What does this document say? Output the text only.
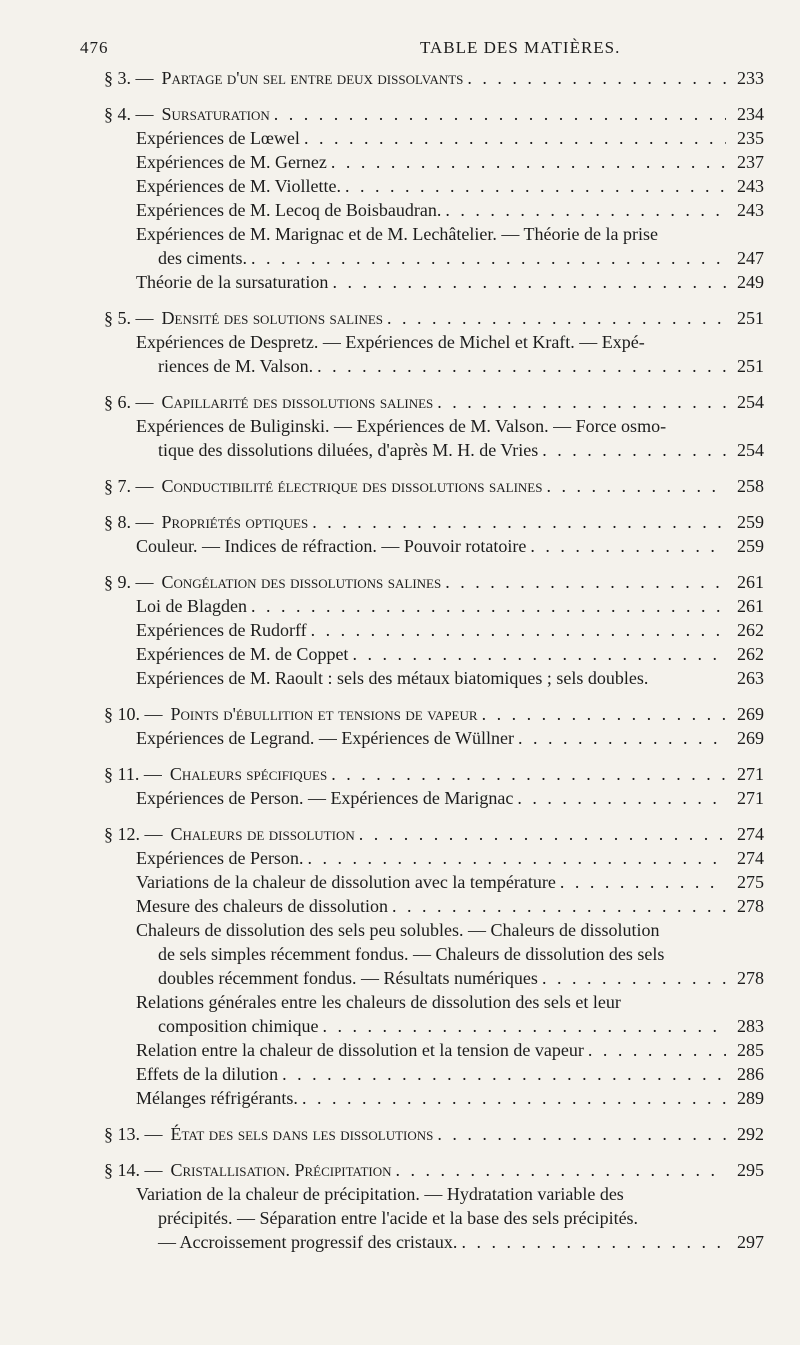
476	TABLE DES MATIÈRES.
§ 3. — Partage d'un sel entre deux dissolvants . . .	233
§ 4. — Sursaturation . . .	234
Expériences de Lœwel . . .	235
Expériences de M. Gernez . . .	237
Expériences de M. Viollette. . . .	243
Expériences de M. Lecoq de Boisbaudran. . . .	243
Expériences de M. Marignac et de M. Lechâtelier. — Théorie de la prise
des ciments. . . .	247
Théorie de la sursaturation . . .	249
§ 5. — Densité des solutions salines . . .	251
Expériences de Despretz. — Expériences de Michel et Kraft. — Expé-
riences de M. Valson. . . .	251
§ 6. — Capillarité des dissolutions salines . . .	254
Expériences de Buliginski. — Expériences de M. Valson. — Force osmo-
tique des dissolutions diluées, d'après M. H. de Vries . . .	254
§ 7. — Conductibilité électrique des dissolutions salines . . .	258
§ 8. — Propriétés optiques . . .	259
Couleur. — Indices de réfraction. — Pouvoir rotatoire . . .	259
§ 9. — Congélation des dissolutions salines . . .	261
Loi de Blagden . . .	261
Expériences de Rudorff . . .	262
Expériences de M. de Coppet . . .	262
Expériences de M. Raoult : sels des métaux biatomiques ; sels doubles.	263
§ 10. — Points d'ébullition et tensions de vapeur . . .	269
Expériences de Legrand. — Expériences de Wüllner . . .	269
§ 11. — Chaleurs spécifiques . . .	271
Expériences de Person. — Expériences de Marignac . . .	271
§ 12. — Chaleurs de dissolution . . .	274
Expériences de Person. . . .	274
Variations de la chaleur de dissolution avec la température . . .	275
Mesure des chaleurs de dissolution . . .	278
Chaleurs de dissolution des sels peu solubles. — Chaleurs de dissolution
de sels simples récemment fondus. — Chaleurs de dissolution des sels
doubles récemment fondus. — Résultats numériques . . .	278
Relations générales entre les chaleurs de dissolution des sels et leur
composition chimique . . .	283
Relation entre la chaleur de dissolution et la tension de vapeur . . .	285
Effets de la dilution . . .	286
Mélanges réfrigérants. . . .	289
§ 13. — État des sels dans les dissolutions . . .	292
§ 14. — Cristallisation. Précipitation . . .	295
Variation de la chaleur de précipitation. — Hydratation variable des
précipités. — Séparation entre l'acide et la base des sels précipités.
— Accroissement progressif des cristaux. . . .	297
